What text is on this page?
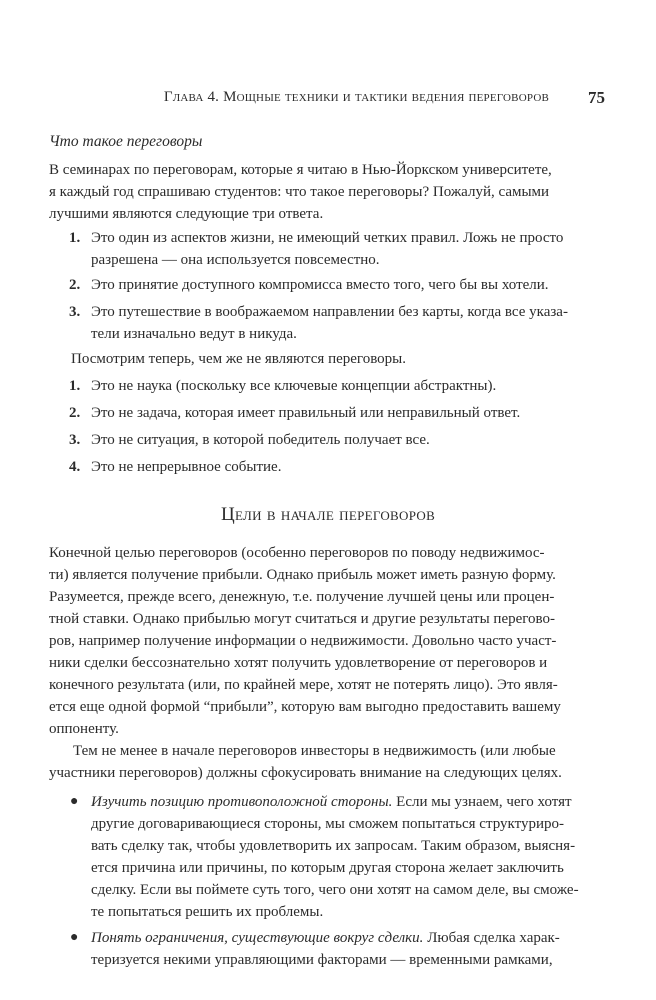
Глава 4. Мощные техники и тактики ведения переговоров 75
Что такое переговоры
В семинарах по переговорам, которые я читаю в Нью-Йоркском университете,
я каждый год спрашиваю студентов: что такое переговоры? Пожалуй, самыми
лучшими являются следующие три ответа.
1. Это один из аспектов жизни, не имеющий четких правил. Ложь не просто
разрешена — она используется повсеместно.
2. Это принятие доступного компромисса вместо того, чего бы вы хотели.
3. Это путешествие в воображаемом направлении без карты, когда все указа-
тели изначально ведут в никуда.
Посмотрим теперь, чем же не являются переговоры.
1. Это не наука (поскольку все ключевые концепции абстрактны).
2. Это не задача, которая имеет правильный или неправильный ответ.
3. Это не ситуация, в которой победитель получает все.
4. Это не непрерывное событие.
Цели в начале переговоров
Конечной целью переговоров (особенно переговоров по поводу недвижимос-
ти) является получение прибыли. Однако прибыль может иметь разную форму.
Разумеется, прежде всего, денежную, т.е. получение лучшей цены или процен-
тной ставки. Однако прибылью могут считаться и другие результаты перегово-
ров, например получение информации о недвижимости. Довольно часто участ-
ники сделки бессознательно хотят получить удовлетворение от переговоров и
конечного результата (или, по крайней мере, хотят не потерять лицо). Это явля-
ется еще одной формой “прибыли”, которую вам выгодно предоставить вашему
оппоненту.
Тем не менее в начале переговоров инвесторы в недвижимость (или любые
участники переговоров) должны сфокусировать внимание на следующих целях.
● Изучить позицию противоположной стороны. Если мы узнаем, чего хотят
другие договаривающиеся стороны, мы сможем попытаться структуриро-
вать сделку так, чтобы удовлетворить их запросам. Таким образом, выясня-
ется причина или причины, по которым другая сторона желает заключить
сделку. Если вы поймете суть того, чего они хотят на самом деле, вы сможе-
те попытаться решить их проблемы.
● Понять ограничения, существующие вокруг сделки. Любая сделка харак-
теризуется некими управляющими факторами — временными рамками,
